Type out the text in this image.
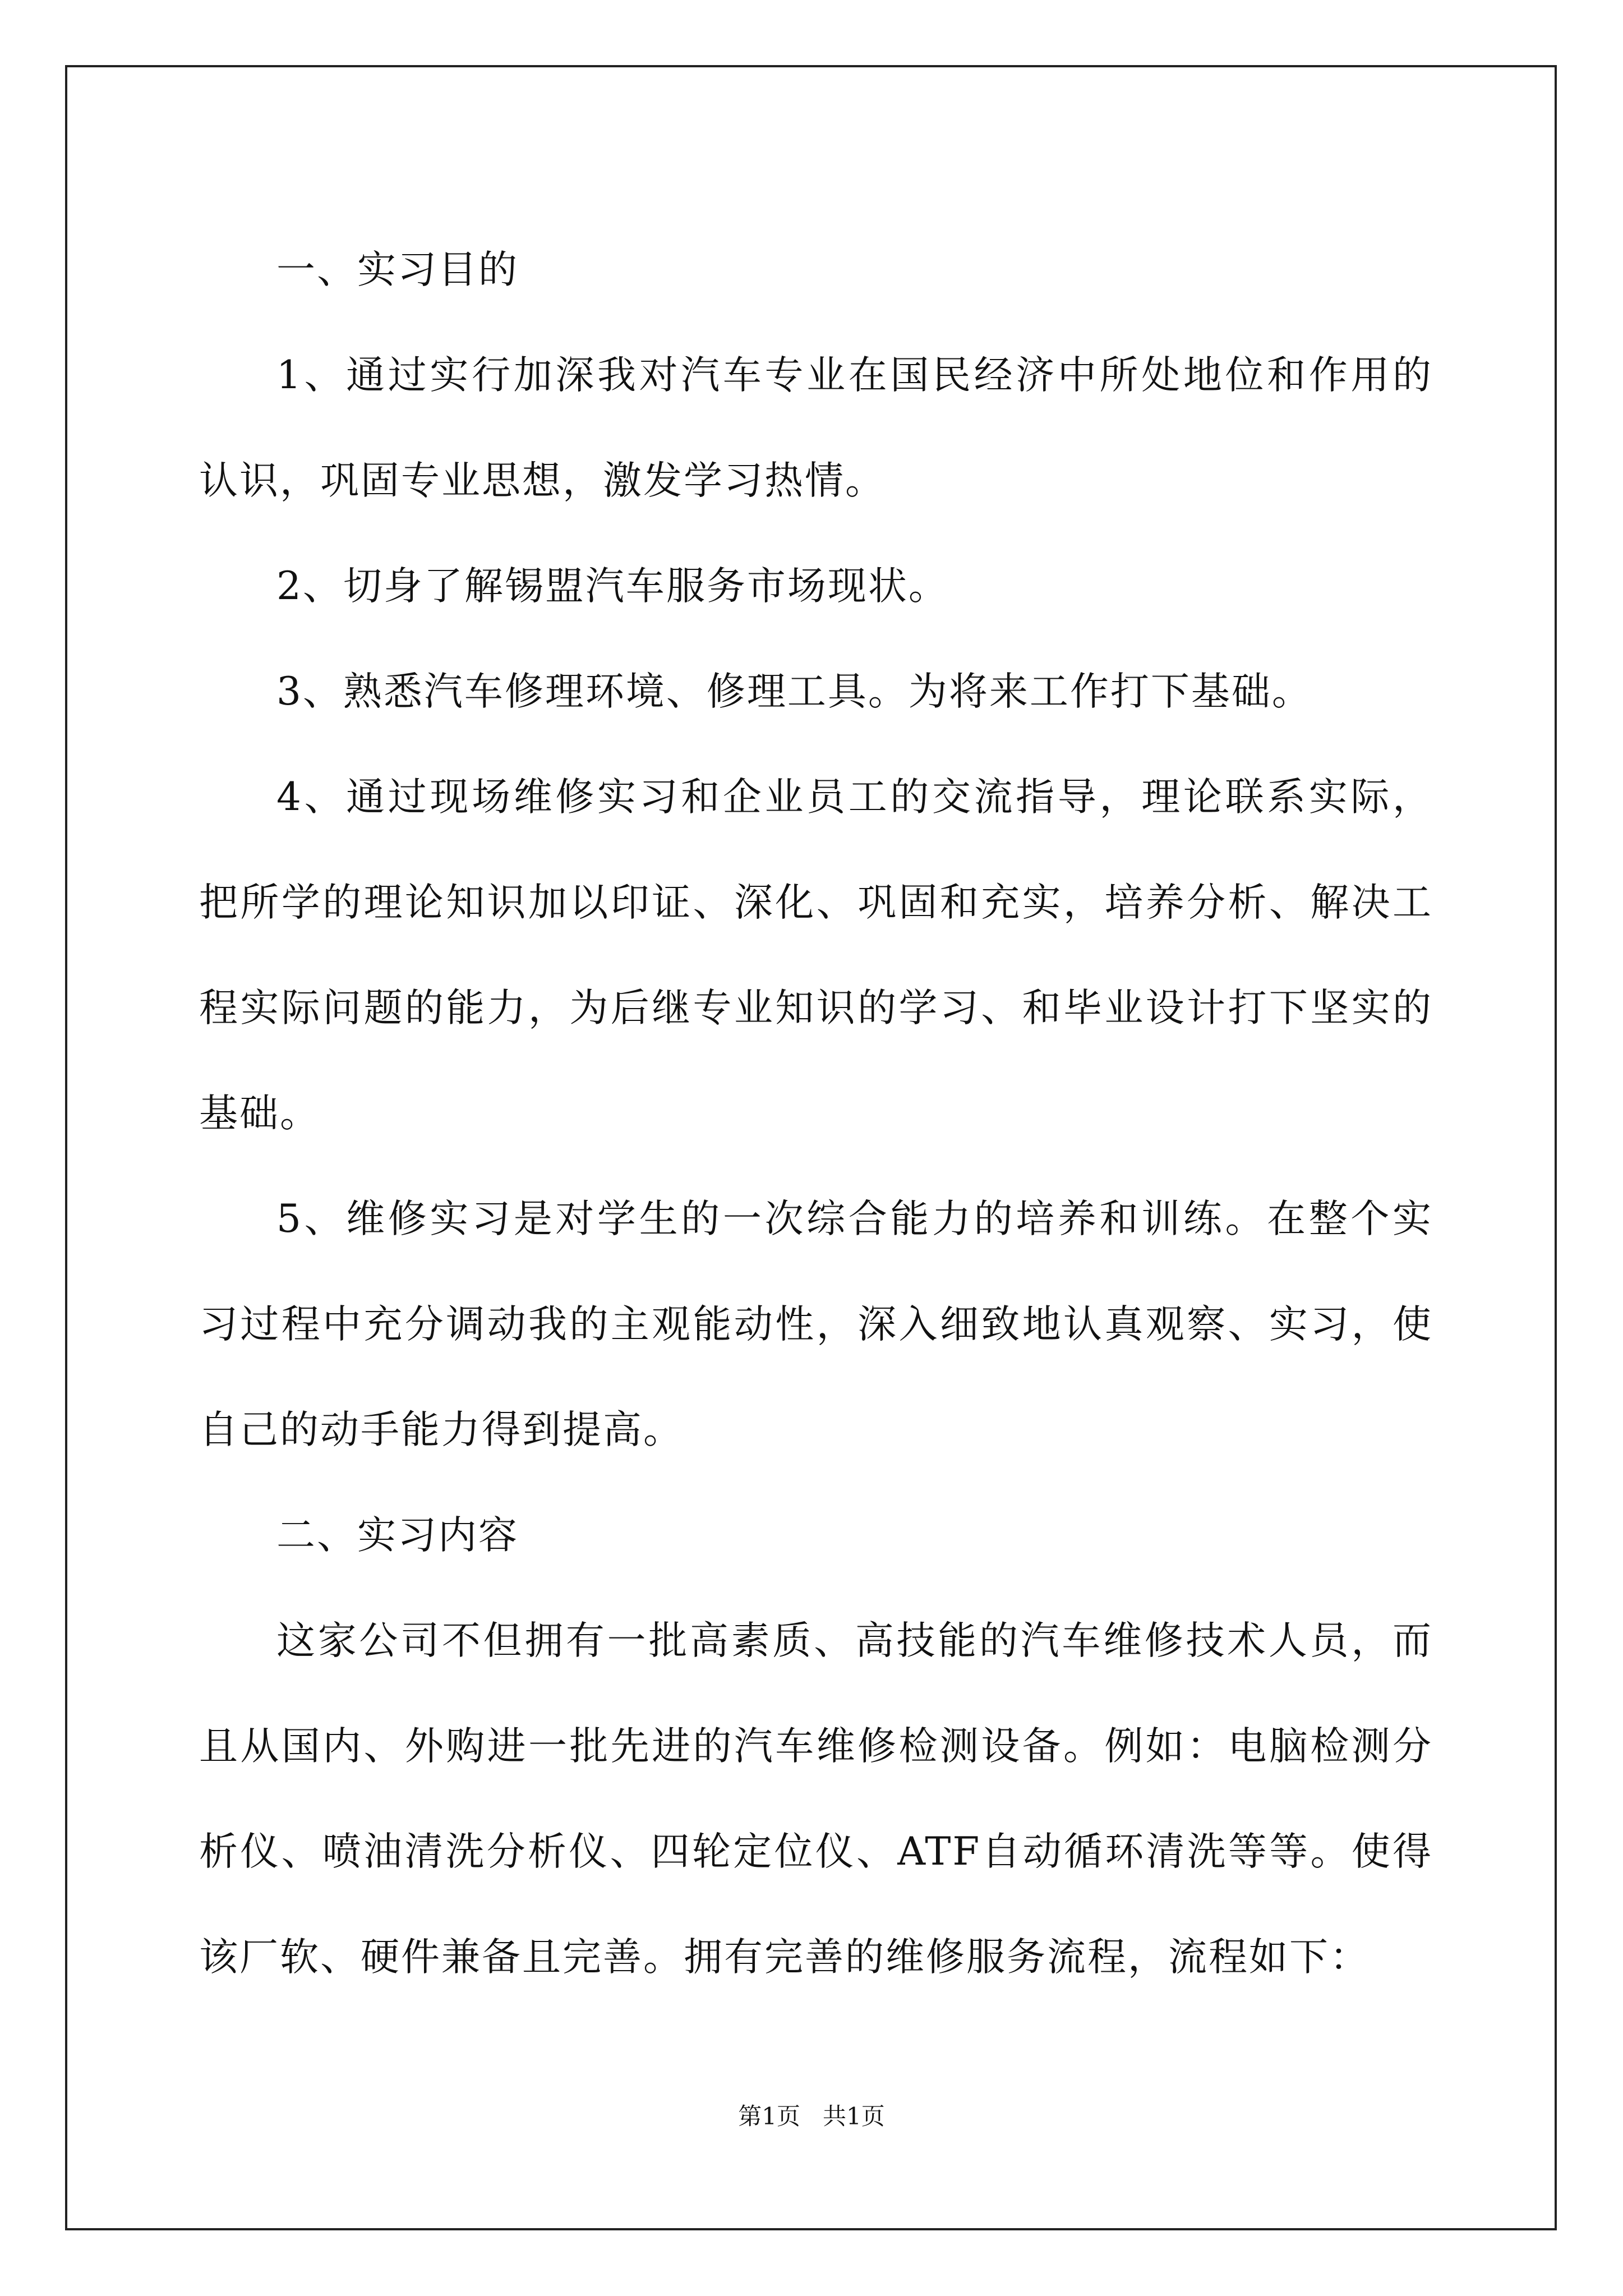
一、实习目的

1、通过实行加深我对汽车专业在国民经济中所处地位和作用的认识，巩固专业思想，激发学习热情。

2、切身了解锡盟汽车服务市场现状。

3、熟悉汽车修理环境、修理工具。为将来工作打下基础。

4、通过现场维修实习和企业员工的交流指导，理论联系实际，把所学的理论知识加以印证、深化、巩固和充实，培养分析、解决工程实际问题的能力，为后继专业知识的学习、和毕业设计打下坚实的基础。

5、维修实习是对学生的一次综合能力的培养和训练。在整个实习过程中充分调动我的主观能动性，深入细致地认真观察、实习，使自己的动手能力得到提高。

二、实习内容

这家公司不但拥有一批高素质、高技能的汽车维修技术人员，而且从国内、外购进一批先进的汽车维修检测设备。例如：电脑检测分析仪、喷油清洗分析仪、四轮定位仪、ATF自动循环清洗等等。使得该厂软、硬件兼备且完善。拥有完善的维修服务流程，流程如下：

第1页   共1页
